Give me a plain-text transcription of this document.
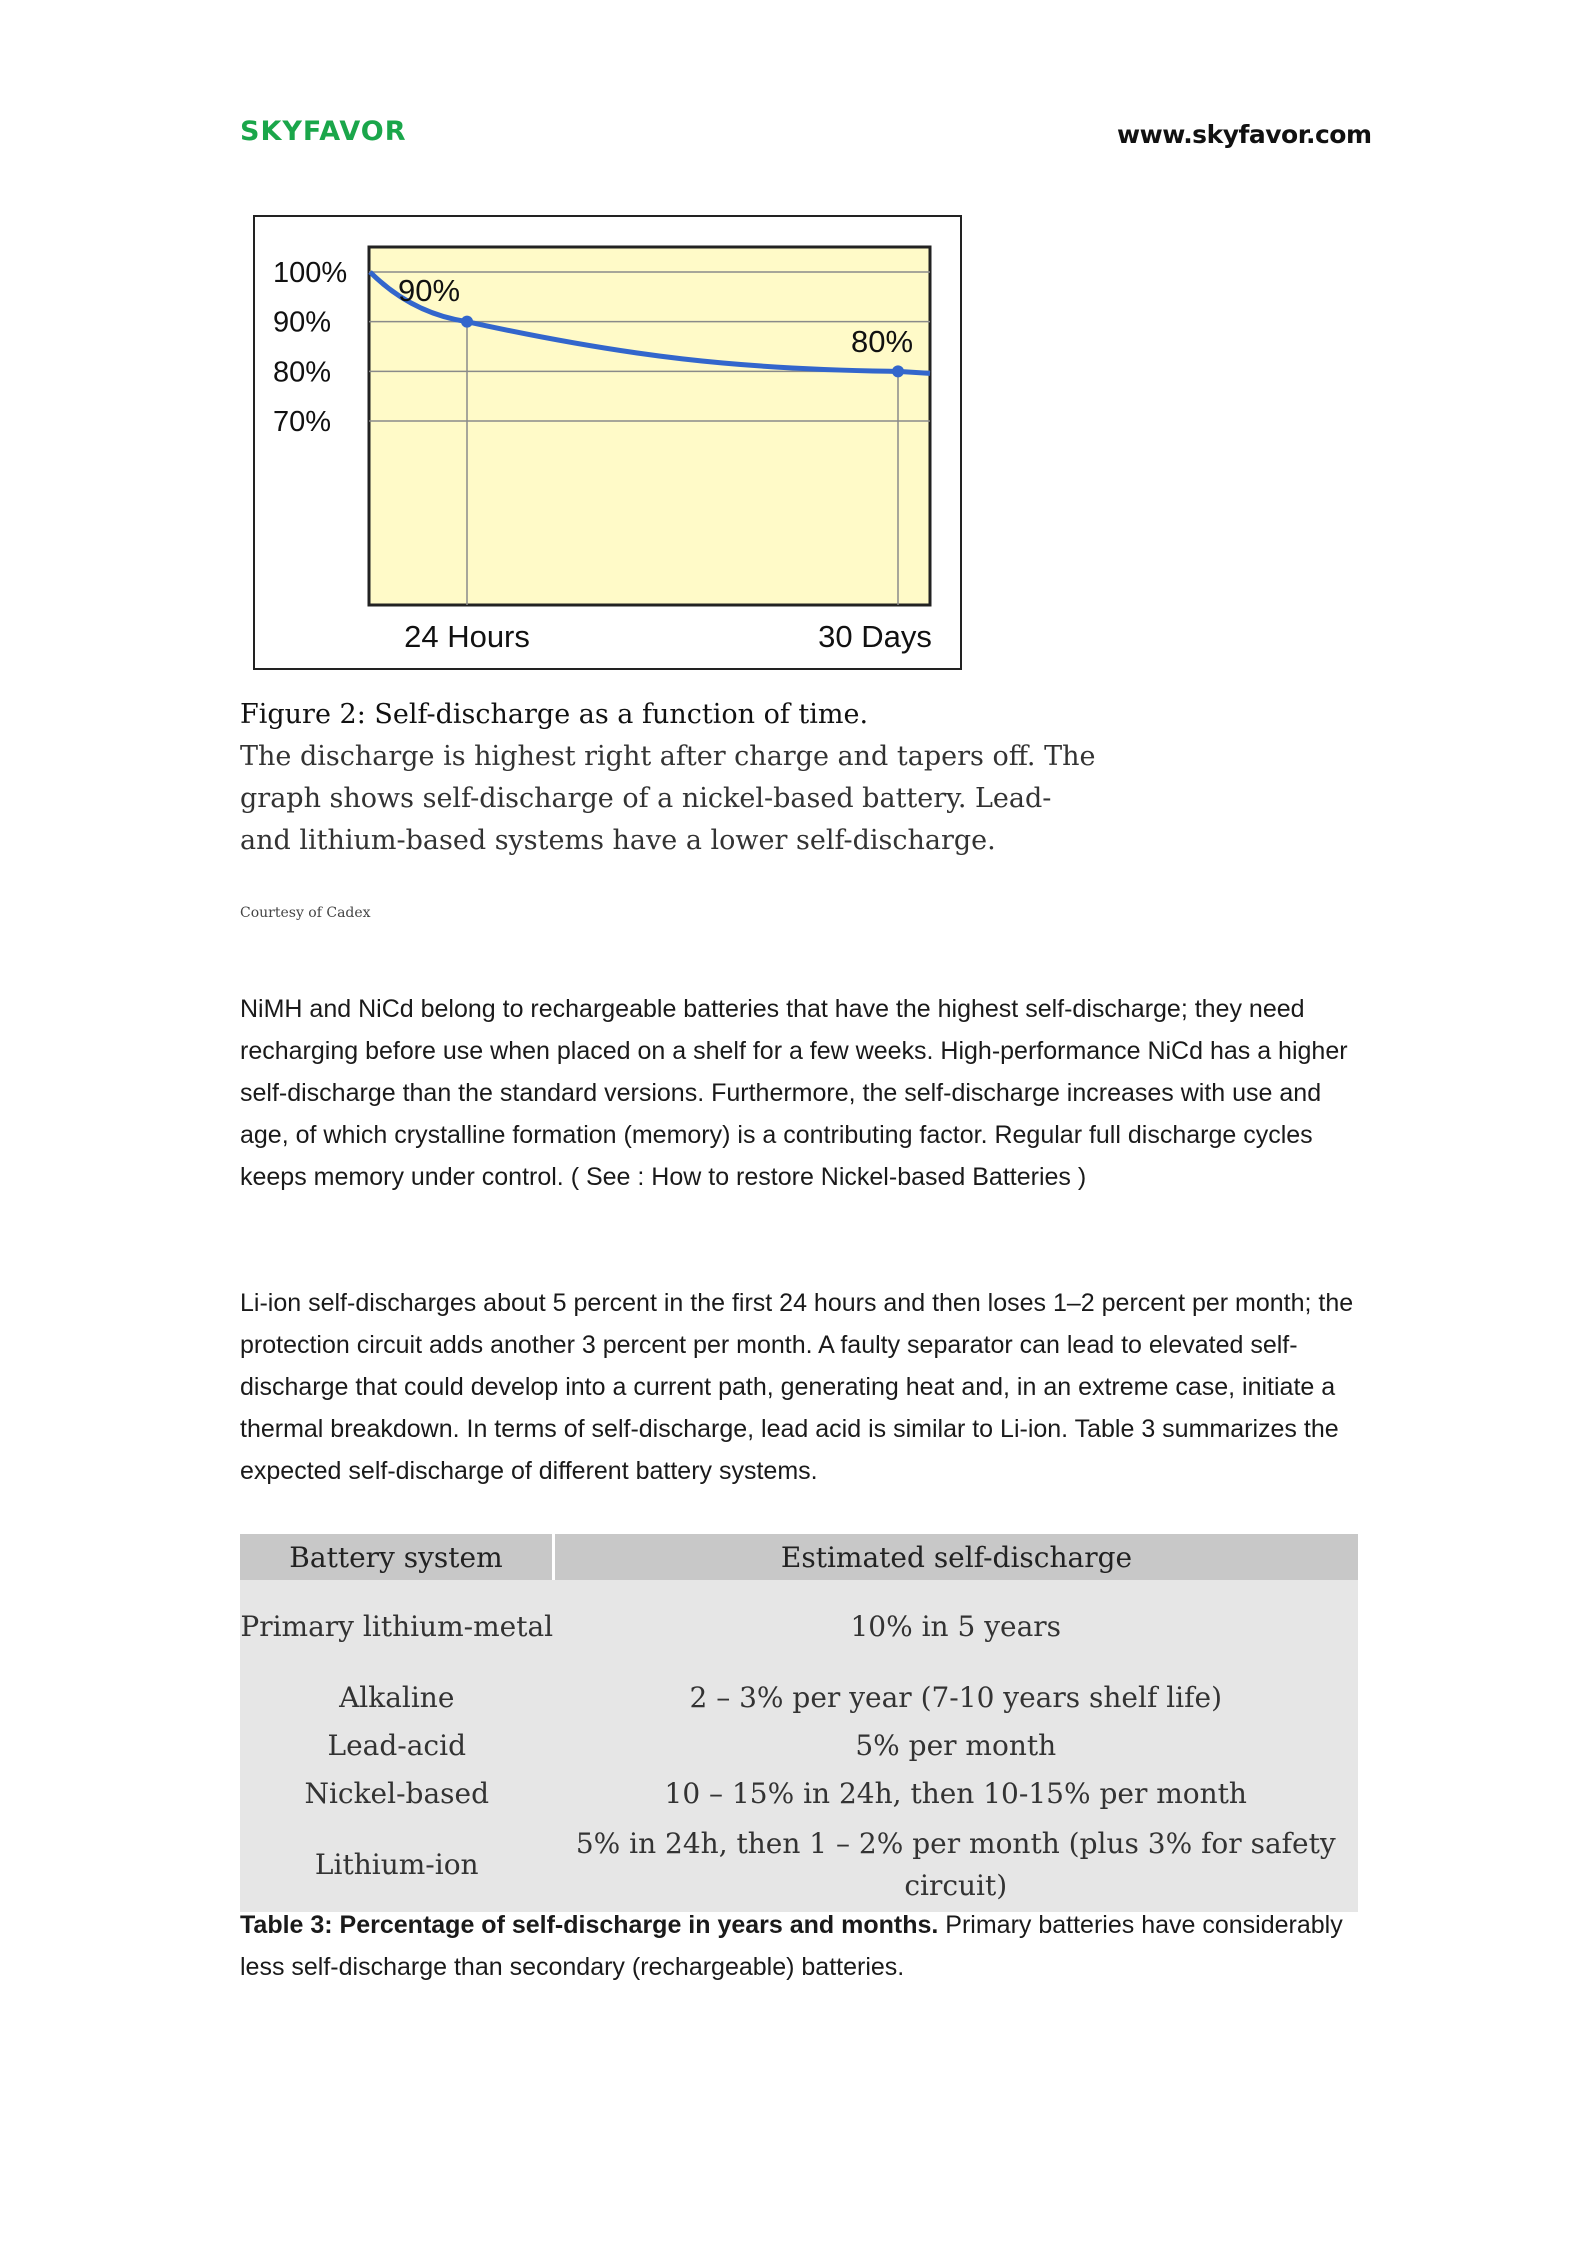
SKYFAVOR	www.skyfavor.com
100%
90%
80%
70%
24 Hours	30 Days
90%
80%
Figure 2: Self-discharge as a function of time.
The discharge is highest right after charge and tapers off. The graph shows self-discharge of a nickel-based battery. Lead- and lithium-based systems have a lower self-discharge.
Courtesy of Cadex
NiMH and NiCd belong to rechargeable batteries that have the highest self-discharge; they need recharging before use when placed on a shelf for a few weeks. High-performance NiCd has a higher self-discharge than the standard versions. Furthermore, the self-discharge increases with use and age, of which crystalline formation (memory) is a contributing factor. Regular full discharge cycles keeps memory under control. ( See : How to restore Nickel-based Batteries )
Li-ion self-discharges about 5 percent in the first 24 hours and then loses 1–2 percent per month; the protection circuit adds another 3 percent per month. A faulty separator can lead to elevated self-discharge that could develop into a current path, generating heat and, in an extreme case, initiate a thermal breakdown. In terms of self-discharge, lead acid is similar to Li-ion. Table 3 summarizes the expected self-discharge of different battery systems.
Battery system	Estimated self-discharge
Primary lithium-metal	10% in 5 years
Alkaline	2 – 3% per year (7-10 years shelf life)
Lead-acid	5% per month
Nickel-based	10 – 15% in 24h, then 10-15% per month
Lithium-ion	5% in 24h, then 1 – 2% per month (plus 3% for safety circuit)
Table 3: Percentage of self-discharge in years and months. Primary batteries have considerably less self-discharge than secondary (rechargeable) batteries.
